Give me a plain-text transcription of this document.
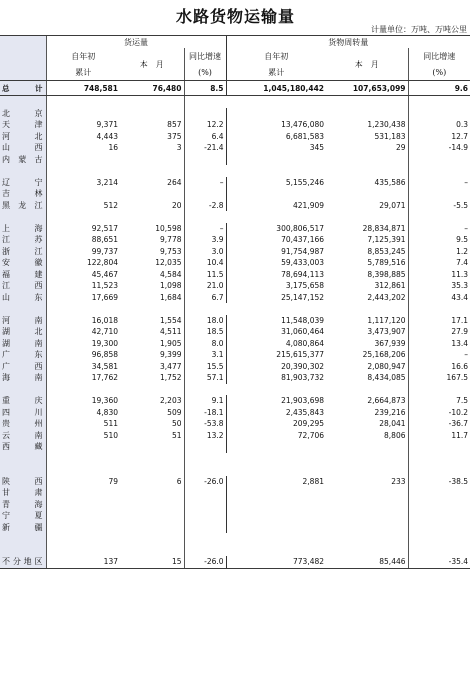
水路货物运输量
计量单位：万吨、万吨公里
	货运量			货物周转量		
	自年初	本　月	同比增速	自年初	本　月	同比增速
	累计		(%)	累计		(%)
总计	748,581	76,480	8.5	1,045,180,442	107,653,099	9.6

北京						
天津	9,371	857	12.2	13,476,080	1,230,438	0.3
河北	4,443	375	6.4	6,681,583	531,183	12.7
山西	16	3	-21.4	345	29	-14.9
内蒙古						

辽宁	3,214	264	–	5,155,246	435,586	–
吉林						
黑龙江	512	20	-2.8	421,909	29,071	-5.5

上海	92,517	10,598	–	300,806,517	28,834,871	–
江苏	88,651	9,778	3.9	70,437,166	7,125,391	9.5
浙江	99,737	9,753	3.0	91,754,987	8,853,245	1.2
安徽	122,804	12,035	10.4	59,433,003	5,789,516	7.4
福建	45,467	4,584	11.5	78,694,113	8,398,885	11.3
江西	11,523	1,098	21.0	3,175,658	312,861	35.3
山东	17,669	1,684	6.7	25,147,152	2,443,202	43.4

河南	16,018	1,554	18.0	11,548,039	1,117,120	17.1
湖北	42,710	4,511	18.5	31,060,464	3,473,907	27.9
湖南	19,300	1,905	8.0	4,080,864	367,939	13.4
广东	96,858	9,399	3.1	215,615,377	25,168,206	–
广西	34,581	3,477	15.5	20,390,302	2,080,947	16.6
海南	17,762	1,752	57.1	81,903,732	8,434,085	167.5

重庆	19,360	2,203	9.1	21,903,698	2,664,873	7.5
四川	4,830	509	-18.1	2,435,843	239,216	-10.2
贵州	511	50	-53.8	209,295	28,041	-36.7
云南	510	51	13.2	72,706	8,806	11.7
西藏						

陕西	79	6	-26.0	2,881	233	-38.5
甘肃						
青海						
宁夏						
新疆						

不分地区	137	15	-26.0	773,482	85,446	-35.4
